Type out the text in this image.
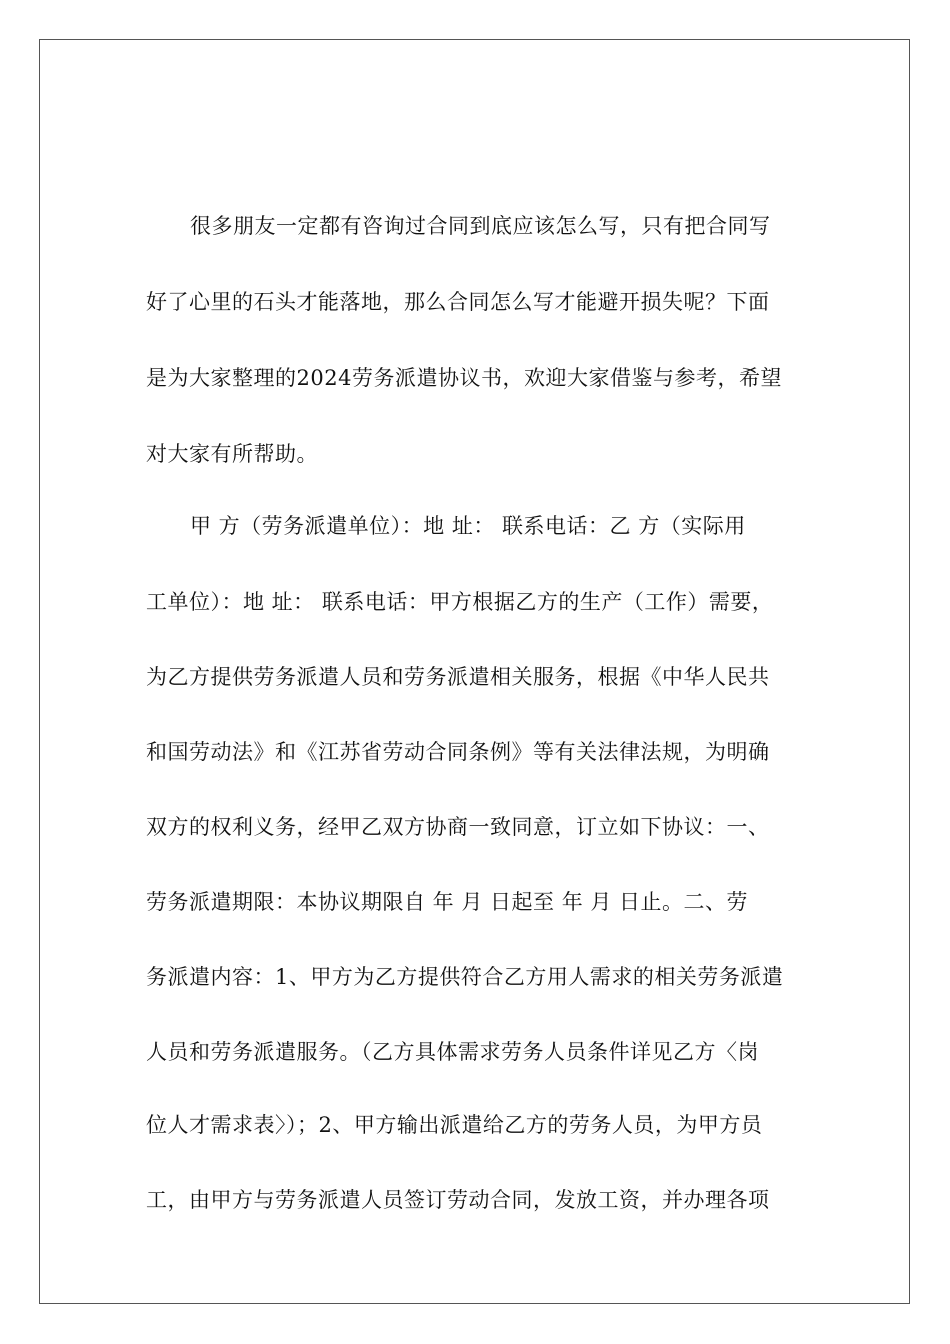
很多朋友一定都有咨询过合同到底应该怎么写，只有把合同写
好了心里的石头才能落地，那么合同怎么写才能避开损失呢？下面
是为大家整理的2024劳务派遣协议书，欢迎大家借鉴与参考，希望
对大家有所帮助。
甲 方（劳务派遣单位）：地 址： 联系电话：乙 方（实际用
工单位）：地 址： 联系电话：甲方根据乙方的生产（工作）需要，
为乙方提供劳务派遣人员和劳务派遣相关服务，根据《中华人民共
和国劳动法》和《江苏省劳动合同条例》等有关法律法规，为明确
双方的权利义务，经甲乙双方协商一致同意，订立如下协议：一、
劳务派遣期限：本协议期限自 年 月 日起至 年 月 日止。二、劳
务派遣内容：1、甲方为乙方提供符合乙方用人需求的相关劳务派遣
人员和劳务派遣服务。（乙方具体需求劳务人员条件详见乙方〈岗
位人才需求表〉）；2、甲方输出派遣给乙方的劳务人员，为甲方员
工，由甲方与劳务派遣人员签订劳动合同，发放工资，并办理各项
